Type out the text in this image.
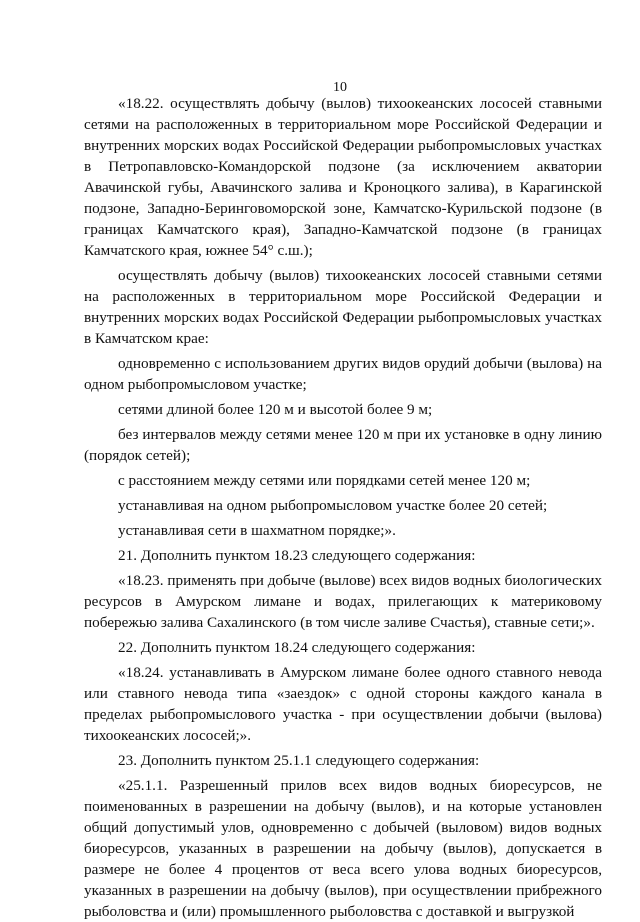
10

«18.22. осуществлять добычу (вылов) тихоокеанских лососей ставными сетями на расположенных в территориальном море Российской Федерации и внутренних морских водах Российской Федерации рыбопромысловых участках в Петропавловско-Командорской подзоне (за исключением акватории Авачинской губы, Авачинского залива и Кроноцкого залива), в Карагинской подзоне, Западно-Беринговоморской зоне, Камчатско-Курильской подзоне (в границах Камчатского края), Западно-Камчатской подзоне (в границах Камчатского края, южнее 54° с.ш.);

осуществлять добычу (вылов) тихоокеанских лососей ставными сетями на расположенных в территориальном море Российской Федерации и внутренних морских водах Российской Федерации рыбопромысловых участках в Камчатском крае:

одновременно с использованием других видов орудий добычи (вылова) на одном рыбопромысловом участке;

сетями длиной более 120 м и высотой более 9 м;

без интервалов между сетями менее 120 м при их установке в одну линию (порядок сетей);

с расстоянием между сетями или порядками сетей менее 120 м;

устанавливая на одном рыбопромысловом участке более 20 сетей;

устанавливая сети в шахматном порядке;».

21. Дополнить пунктом 18.23 следующего содержания:

«18.23. применять при добыче (вылове) всех видов водных биологических ресурсов в Амурском лимане и водах, прилегающих к материковому побережью залива Сахалинского (в том числе заливе Счастья), ставные сети;».

22. Дополнить пунктом 18.24 следующего содержания:

«18.24. устанавливать в Амурском лимане более одного ставного невода или ставного невода типа «заездок» с одной стороны каждого канала в пределах рыбопромыслового участка - при осуществлении добычи (вылова) тихоокеанских лососей;».

23. Дополнить пунктом 25.1.1 следующего содержания:

«25.1.1. Разрешенный прилов всех видов водных биоресурсов, не поименованных в разрешении на добычу (вылов), и на которые установлен общий допустимый улов, одновременно с добычей (выловом) видов водных биоресурсов, указанных в разрешении на добычу (вылов), допускается в размере не более 4 процентов от веса всего улова водных биоресурсов, указанных в разрешении на добычу (вылов), при осуществлении прибрежного рыболовства и (или) промышленного рыболовства с доставкой и выгрузкой
